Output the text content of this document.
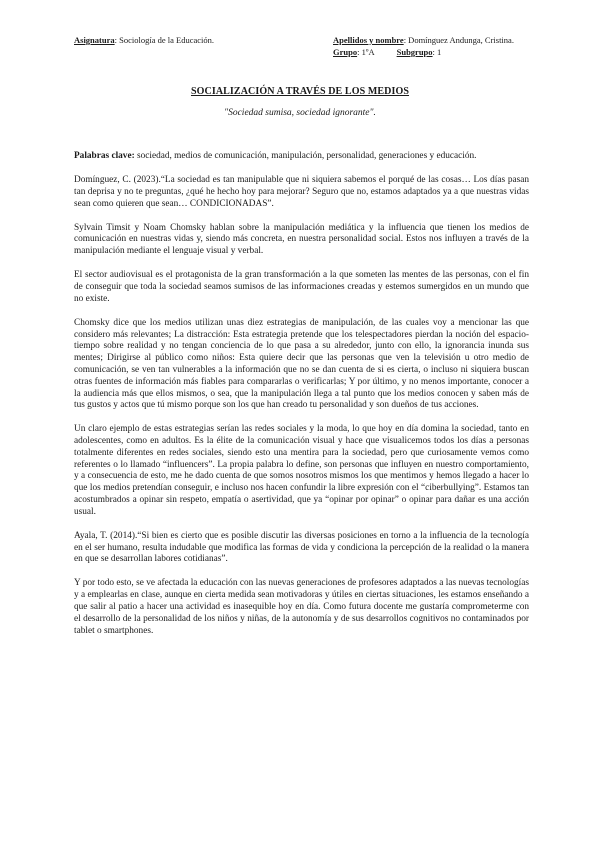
Asignatura: Sociología de la Educación.	Apellidos y nombre: Domínguez Andunga, Cristina.
Grupo: 1ºA	Subgrupo: 1
SOCIALIZACIÓN A TRAVÉS DE LOS MEDIOS
"Sociedad sumisa, sociedad ignorante".

Palabras clave: sociedad, medios de comunicación, manipulación, personalidad, generaciones y educación.

Domínguez, C. (2023).“La sociedad es tan manipulable que ni siquiera sabemos el porqué de las cosas… Los días pasan tan deprisa y no te preguntas, ¿qué he hecho hoy para mejorar? Seguro que no, estamos adaptados ya a que nuestras vidas sean como quieren que sean… CONDICIONADAS”.

Sylvain Timsit y Noam Chomsky hablan sobre la manipulación mediática y la influencia que tienen los medios de comunicación en nuestras vidas y, siendo más concreta, en nuestra personalidad social. Estos nos influyen a través de la manipulación mediante el lenguaje visual y verbal.

El sector audiovisual es el protagonista de la gran transformación a la que someten las mentes de las personas, con el fin de conseguir que toda la sociedad seamos sumisos de las informaciones creadas y estemos sumergidos en un mundo que no existe.

Chomsky dice que los medios utilizan unas diez estrategias de manipulación, de las cuales voy a mencionar las que considero más relevantes; La distracción: Esta estrategia pretende que los telespectadores pierdan la noción del espacio-tiempo sobre realidad y no tengan conciencia de lo que pasa a su alrededor, junto con ello, la ignorancia inunda sus mentes; Dirigirse al público como niños: Esta quiere decir que las personas que ven la televisión u otro medio de comunicación, se ven tan vulnerables a la información que no se dan cuenta de si es cierta, o incluso ni siquiera buscan otras fuentes de información más fiables para compararlas o verificarlas; Y por último, y no menos importante, conocer a la audiencia más que ellos mismos, o sea, que la manipulación llega a tal punto que los medios conocen y saben más de tus gustos y actos que tú mismo porque son los que han creado tu personalidad y son dueños de tus acciones.

Un claro ejemplo de estas estrategias serían las redes sociales y la moda, lo que hoy en día domina la sociedad, tanto en adolescentes, como en adultos. Es la élite de la comunicación visual y hace que visualicemos todos los días a personas totalmente diferentes en redes sociales, siendo esto una mentira para la sociedad, pero que curiosamente vemos como referentes o lo llamado “influencers”. La propia palabra lo define, son personas que influyen en nuestro comportamiento, y a consecuencia de esto, me he dado cuenta de que somos nosotros mismos los que mentimos y hemos llegado a hacer lo que los medios pretendían conseguir, e incluso nos hacen confundir la libre expresión con el “ciberbullying”. Estamos tan acostumbrados a opinar sin respeto, empatía o asertividad, que ya “opinar por opinar” o opinar para dañar es una acción usual.

Ayala, T. (2014).“Si bien es cierto que es posible discutir las diversas posiciones en torno a la influencia de la tecnología en el ser humano, resulta indudable que modifica las formas de vida y condiciona la percepción de la realidad o la manera en que se desarrollan labores cotidianas”.

Y por todo esto, se ve afectada la educación con las nuevas generaciones de profesores adaptados a las nuevas tecnologías y a emplearlas en clase, aunque en cierta medida sean motivadoras y útiles en ciertas situaciones, les estamos enseñando a que salir al patio a hacer una actividad es inasequible hoy en día. Como futura docente me gustaría comprometerme con el desarrollo de la personalidad de los niños y niñas, de la autonomía y de sus desarrollos cognitivos no contaminados por tablet o smartphones.
